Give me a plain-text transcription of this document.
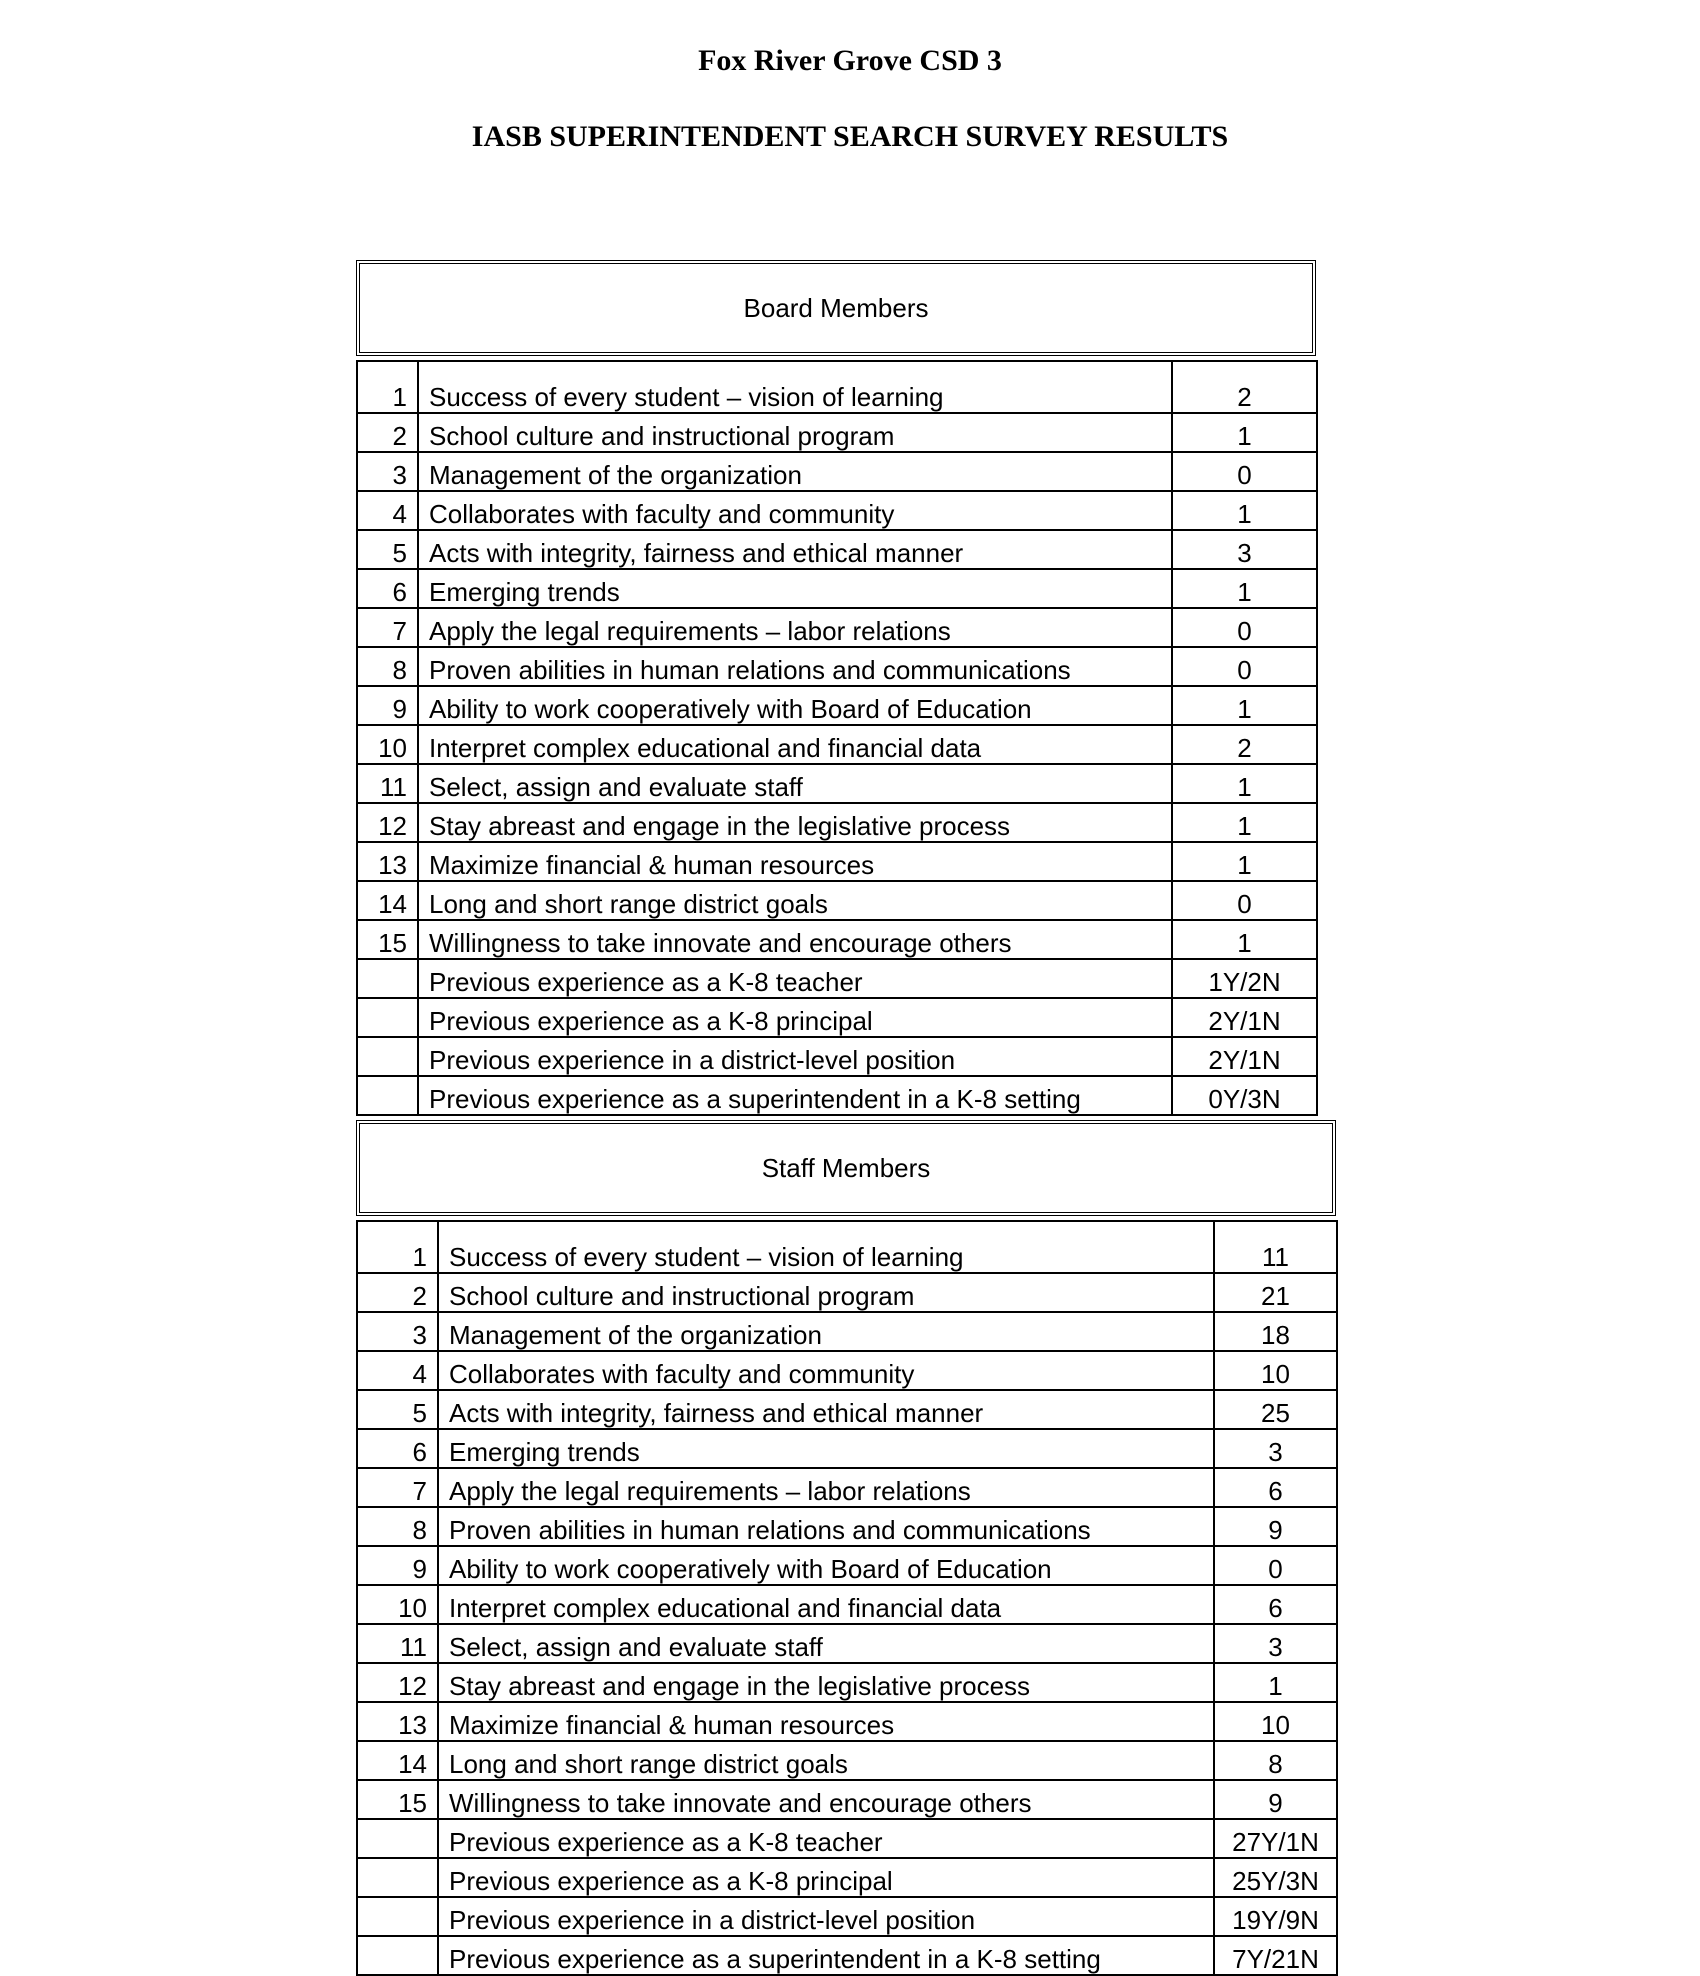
Fox River Grove CSD 3
IASB SUPERINTENDENT SEARCH SURVEY RESULTS
Board Members
1	Success of every student – vision of learning	2
2	School culture and instructional program	1
3	Management of the organization	0
4	Collaborates with faculty and community	1
5	Acts with integrity, fairness and ethical manner	3
6	Emerging trends	1
7	Apply the legal requirements – labor relations	0
8	Proven abilities in human relations and communications	0
9	Ability to work cooperatively with Board of Education	1
10	Interpret complex educational and financial data	2
11	Select, assign and evaluate staff	1
12	Stay abreast and engage in the legislative process	1
13	Maximize financial & human resources	1
14	Long and short range district goals	0
15	Willingness to take innovate and encourage others	1
	Previous experience as a K-8 teacher	1Y/2N
	Previous experience as a K-8 principal	2Y/1N
	Previous experience in a district-level position	2Y/1N
	Previous experience as a superintendent in a K-8 setting	0Y/3N
Staff Members
1	Success of every student – vision of learning	11
2	School culture and instructional program	21
3	Management of the organization	18
4	Collaborates with faculty and community	10
5	Acts with integrity, fairness and ethical manner	25
6	Emerging trends	3
7	Apply the legal requirements – labor relations	6
8	Proven abilities in human relations and communications	9
9	Ability to work cooperatively with Board of Education	0
10	Interpret complex educational and financial data	6
11	Select, assign and evaluate staff	3
12	Stay abreast and engage in the legislative process	1
13	Maximize financial & human resources	10
14	Long and short range district goals	8
15	Willingness to take innovate and encourage others	9
	Previous experience as a K-8 teacher	27Y/1N
	Previous experience as a K-8 principal	25Y/3N
	Previous experience in a district-level position	19Y/9N
	Previous experience as a superintendent in a K-8 setting	7Y/21N
